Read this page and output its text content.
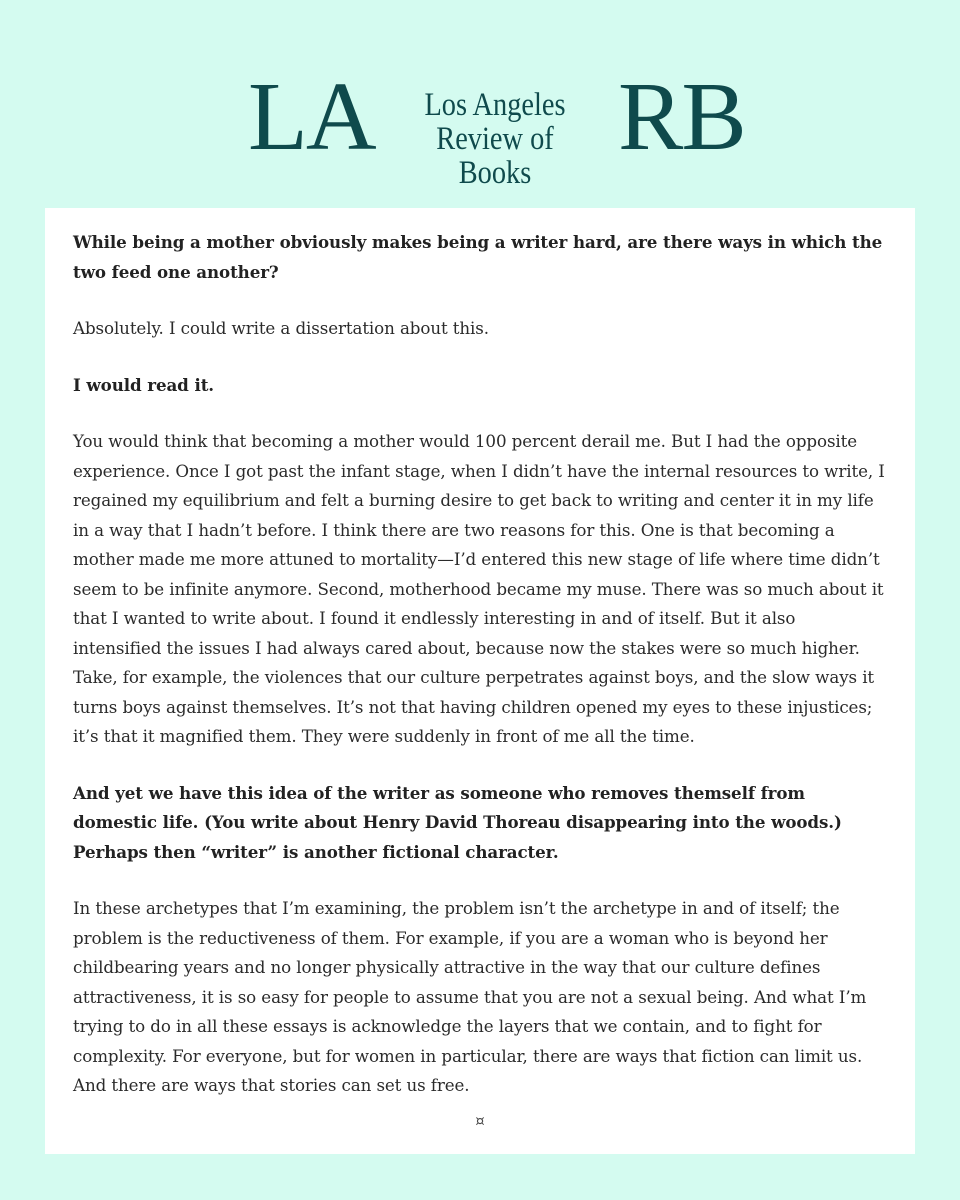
LA	Los Angeles
Review of Books
RB

While being a mother obviously makes being a writer hard, are there ways in which the two feed one another?

Absolutely. I could write a dissertation about this.

I would read it.

You would think that becoming a mother would 100 percent derail me. But I had the opposite experience. Once I got past the infant stage, when I didn’t have the internal resources to write, I regained my equilibrium and felt a burning desire to get back to writing and center it in my life in a way that I hadn’t before. I think there are two reasons for this. One is that becoming a mother made me more attuned to mortality—I’d entered this new stage of life where time didn’t seem to be infinite anymore. Second, motherhood became my muse. There was so much about it that I wanted to write about. I found it endlessly interesting in and of itself. But it also intensified the issues I had always cared about, because now the stakes were so much higher. Take, for example, the violences that our culture perpetrates against boys, and the slow ways it turns boys against themselves. It’s not that having children opened my eyes to these injustices; it’s that it magnified them. They were suddenly in front of me all the time.

And yet we have this idea of the writer as someone who removes themself from domestic life. (You write about Henry David Thoreau disappearing into the woods.) Perhaps then “writer” is another fictional character.

In these archetypes that I’m examining, the problem isn’t the archetype in and of itself; the problem is the reductiveness of them. For example, if you are a woman who is beyond her childbearing years and no longer physically attractive in the way that our culture defines attractiveness, it is so easy for people to assume that you are not a sexual being. And what I’m trying to do in all these essays is acknowledge the layers that we contain, and to fight for complexity. For everyone, but for women in particular, there are ways that fiction can limit us. And there are ways that stories can set us free.

¤
